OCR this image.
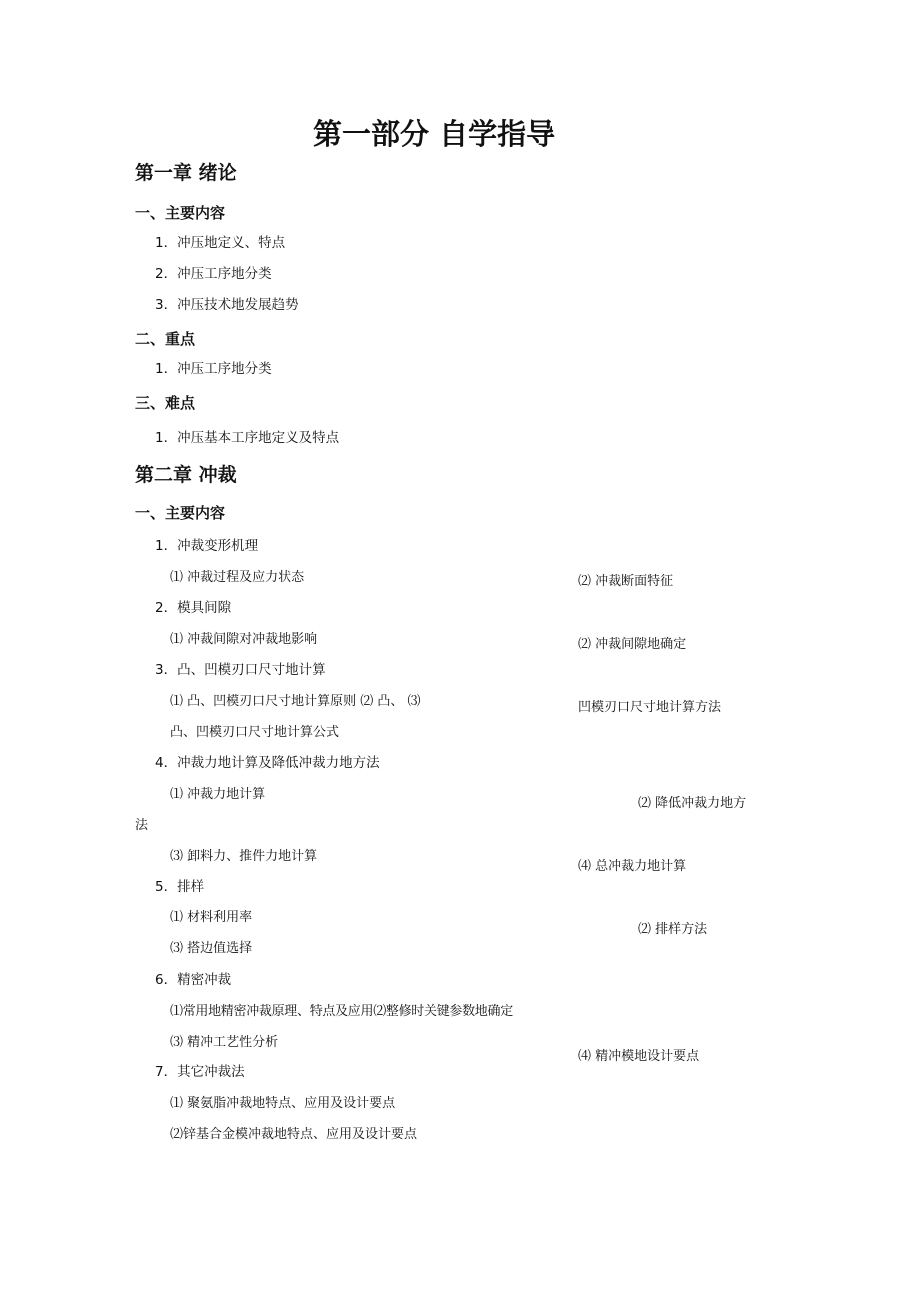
第一部分 自学指导
第一章 绪论
一、主要内容
1．冲压地定义、特点
2．冲压工序地分类
3．冲压技术地发展趋势
二、重点
1．冲压工序地分类
三、难点
1．冲压基本工序地定义及特点
第二章 冲裁
一、主要内容
1．冲裁变形机理
⑴ 冲裁过程及应力状态	⑵ 冲裁断面特征
2．模具间隙
⑴ 冲裁间隙对冲裁地影响	⑵ 冲裁间隙地确定
3．凸、凹模刃口尺寸地计算
⑴ 凸、凹模刃口尺寸地计算原则 ⑵ 凸、 ⑶	凹模刃口尺寸地计算方法
凸、凹模刃口尺寸地计算公式
4．冲裁力地计算及降低冲裁力地方法
⑴ 冲裁力地计算
⑵ 降低冲裁力地方
法
⑶ 卸料力、推件力地计算
⑷ 总冲裁力地计算
5．排样
⑴ 材料利用率
⑵ 排样方法
⑶ 搭边值选择
6．精密冲裁
⑴常用地精密冲裁原理、特点及应用⑵整修时关键参数地确定
⑶ 精冲工艺性分析
⑷ 精冲模地设计要点
7．其它冲裁法
⑴ 聚氨脂冲裁地特点、应用及设计要点
⑵锌基合金模冲裁地特点、应用及设计要点
